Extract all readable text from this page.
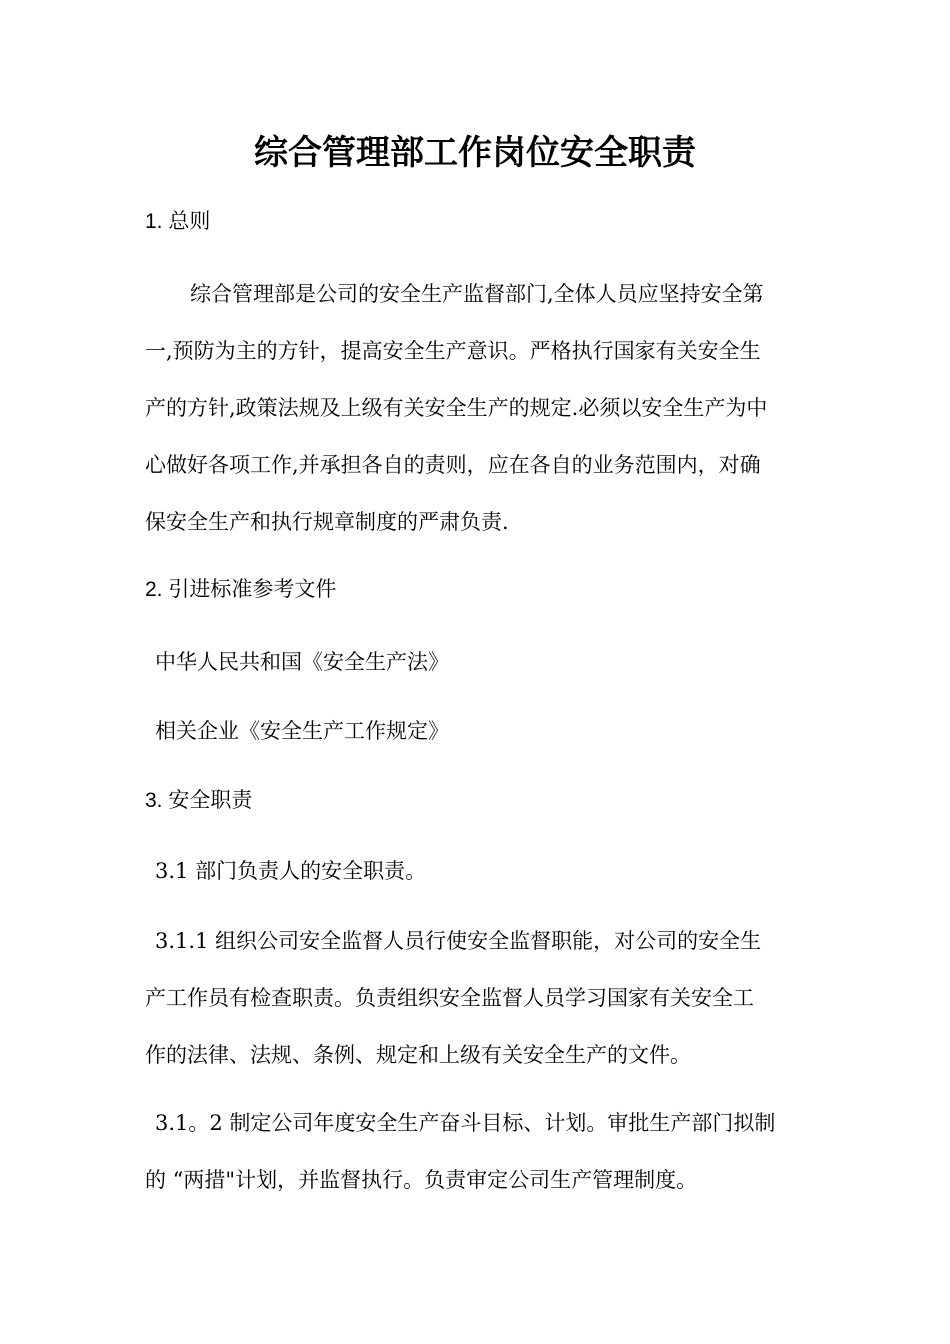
综合管理部工作岗位安全职责

1. 总则

综合管理部是公司的安全生产监督部门,全体人员应坚持安全第

一,预防为主的方针，提高安全生产意识。严格执行国家有关安全生

产的方针,政策法规及上级有关安全生产的规定.必须以安全生产为中

心做好各项工作,并承担各自的责则，应在各自的业务范围内，对确

保安全生产和执行规章制度的严肃负责.

2. 引进标准参考文件

中华人民共和国《安全生产法》

相关企业《安全生产工作规定》

3. 安全职责

3.1 部门负责人的安全职责。

3.1.1 组织公司安全监督人员行使安全监督职能，对公司的安全生

产工作员有检查职责。负责组织安全监督人员学习国家有关安全工

作的法律、法规、条例、规定和上级有关安全生产的文件。

3.1。2 制定公司年度安全生产奋斗目标、计划。审批生产部门拟制

的 “两措"计划，并监督执行。负责审定公司生产管理制度。
